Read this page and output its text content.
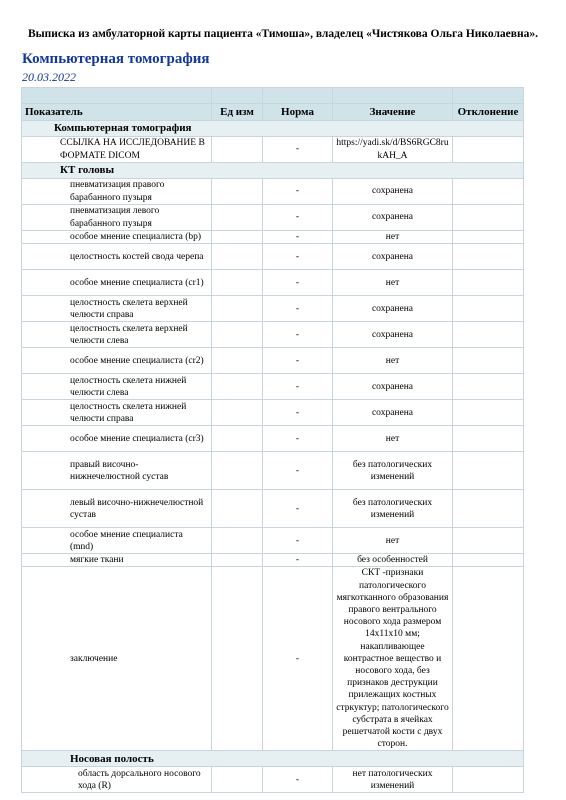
Выписка из амбулаторной карты пациента «Тимоша», владелец «Чистякова Ольга Николаевна».
Компьютерная томография
20.03.2022

Показатель	Ед изм	Норма	Значение	Отклонение
Компьютерная томография				
ССЫЛКА НА ИССЛЕДОВАНИЕ В ФОРМАТЕ DICOM		-	https://yadi.sk/d/BS6RGC8rukAH_A	
КТ головы				
пневматизация правого барабанного пузыря		-	сохранена	
пневматизация левого барабанного пузыря		-	сохранена	
особое мнение специалиста (bp)		-	нет	
целостность костей свода черепа		-	сохранена	
особое мнение специалиста (cr1)		-	нет	
целостность скелета верхней челюсти справа		-	сохранена	
целостность скелета верхней челюсти слева		-	сохранена	
особое мнение специалиста (cr2)		-	нет	
целостность скелета нижней челюсти слева		-	сохранена	
целостность скелета нижней челюсти справа		-	сохранена	
особое мнение специалиста (cr3)		-	нет	
правый височно-нижнечелюстной сустав		-	без патологических изменений	
левый височно-нижнечелюстной сустав		-	без патологических изменений	
особое мнение специалиста (mnd)		-	нет	
мягкие ткани		-	без особенностей	
заключение		-	СКТ -признаки патологического мягкотканного образования правого вентрального носового хода размером 14х11х10 мм; накапливающее контрастное вещество и носового хода, без признаков деструкции прилежащих костных стркуктур; патологического субстрата в ячейках решетчатой кости с двух сторон.	
Носовая полость				
область дорсального носового хода (R)		-	нет патологических изменений	
